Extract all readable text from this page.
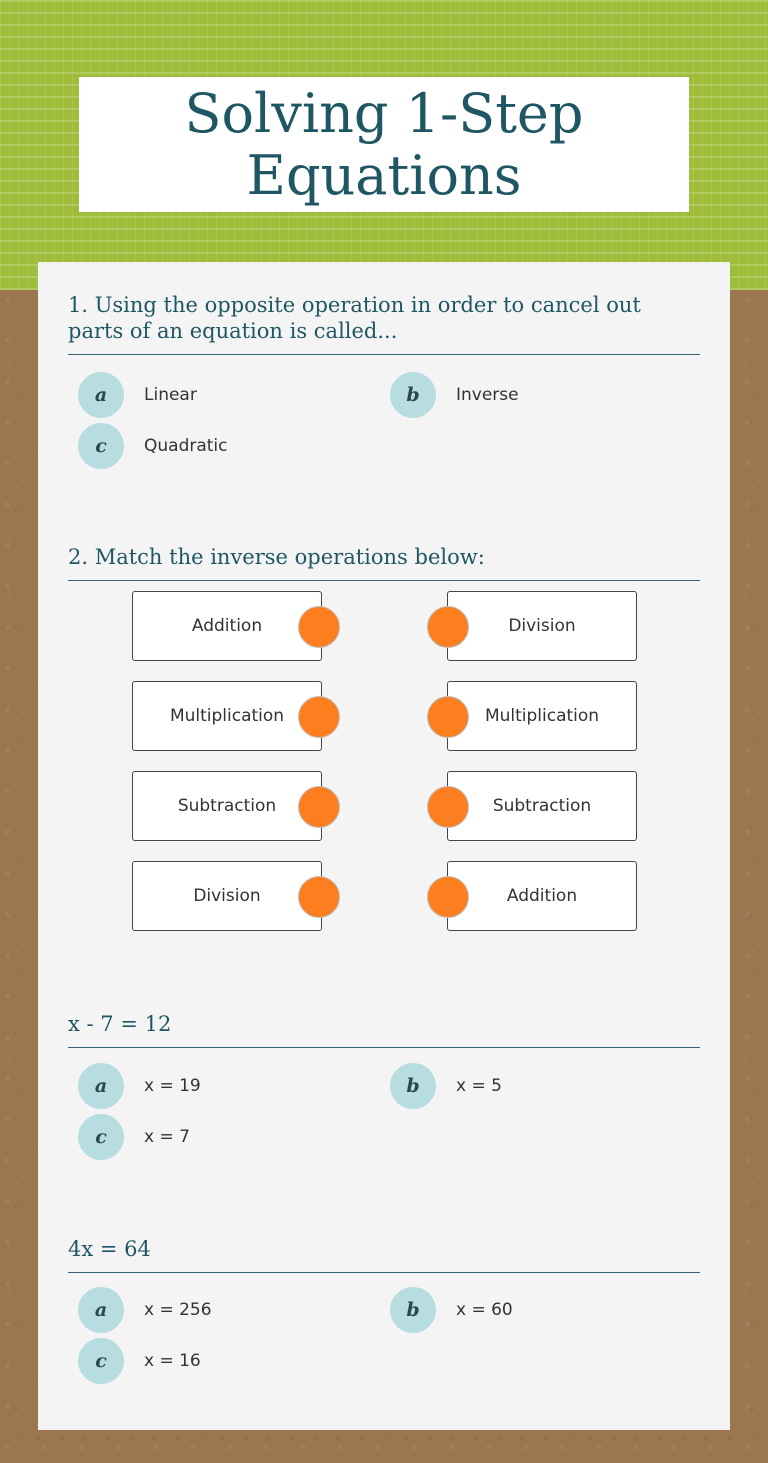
Solving 1-Step Equations
1. Using the opposite operation in order to cancel out parts of an equation is called...
a	Linear	b	Inverse
c	Quadratic
2. Match the inverse operations below:
Addition
Multiplication
Subtraction
Division
Division
Multiplication
Subtraction
Addition
x - 7 = 12
a	x = 19	b	x = 5
c	x = 7
4x = 64
a	x = 256	b	x = 60
c	x = 16
